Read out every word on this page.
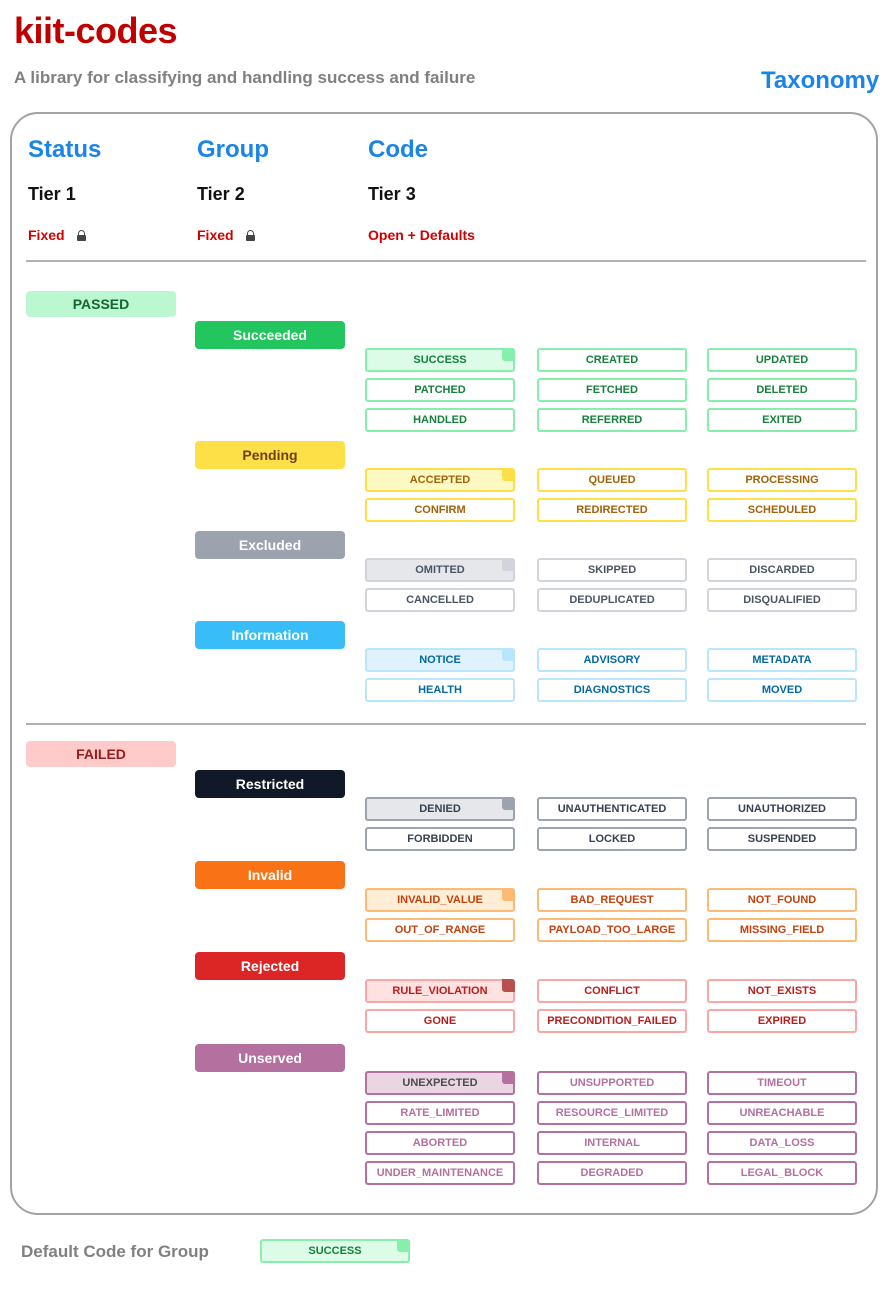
kiit-codes
A library for classifying and handling success and failure	Taxonomy
Status	Group	Code
Tier 1	Tier 2	Tier 3
Fixed	Fixed	Open + Defaults
PASSED
Succeeded
SUCCESS	CREATED	UPDATED
PATCHED	FETCHED	DELETED
HANDLED	REFERRED	EXITED
Pending
ACCEPTED	QUEUED	PROCESSING
CONFIRM	REDIRECTED	SCHEDULED
Excluded
OMITTED	SKIPPED	DISCARDED
CANCELLED	DEDUPLICATED	DISQUALIFIED
Information
NOTICE	ADVISORY	METADATA
HEALTH	DIAGNOSTICS	MOVED
FAILED
Restricted
DENIED	UNAUTHENTICATED	UNAUTHORIZED
FORBIDDEN	LOCKED	SUSPENDED
Invalid
INVALID_VALUE	BAD_REQUEST	NOT_FOUND
OUT_OF_RANGE	PAYLOAD_TOO_LARGE	MISSING_FIELD
Rejected
RULE_VIOLATION	CONFLICT	NOT_EXISTS
GONE	PRECONDITION_FAILED	EXPIRED
Unserved
UNEXPECTED	UNSUPPORTED	TIMEOUT
RATE_LIMITED	RESOURCE_LIMITED	UNREACHABLE
ABORTED	INTERNAL	DATA_LOSS
UNDER_MAINTENANCE	DEGRADED	LEGAL_BLOCK
Default Code for Group	SUCCESS
